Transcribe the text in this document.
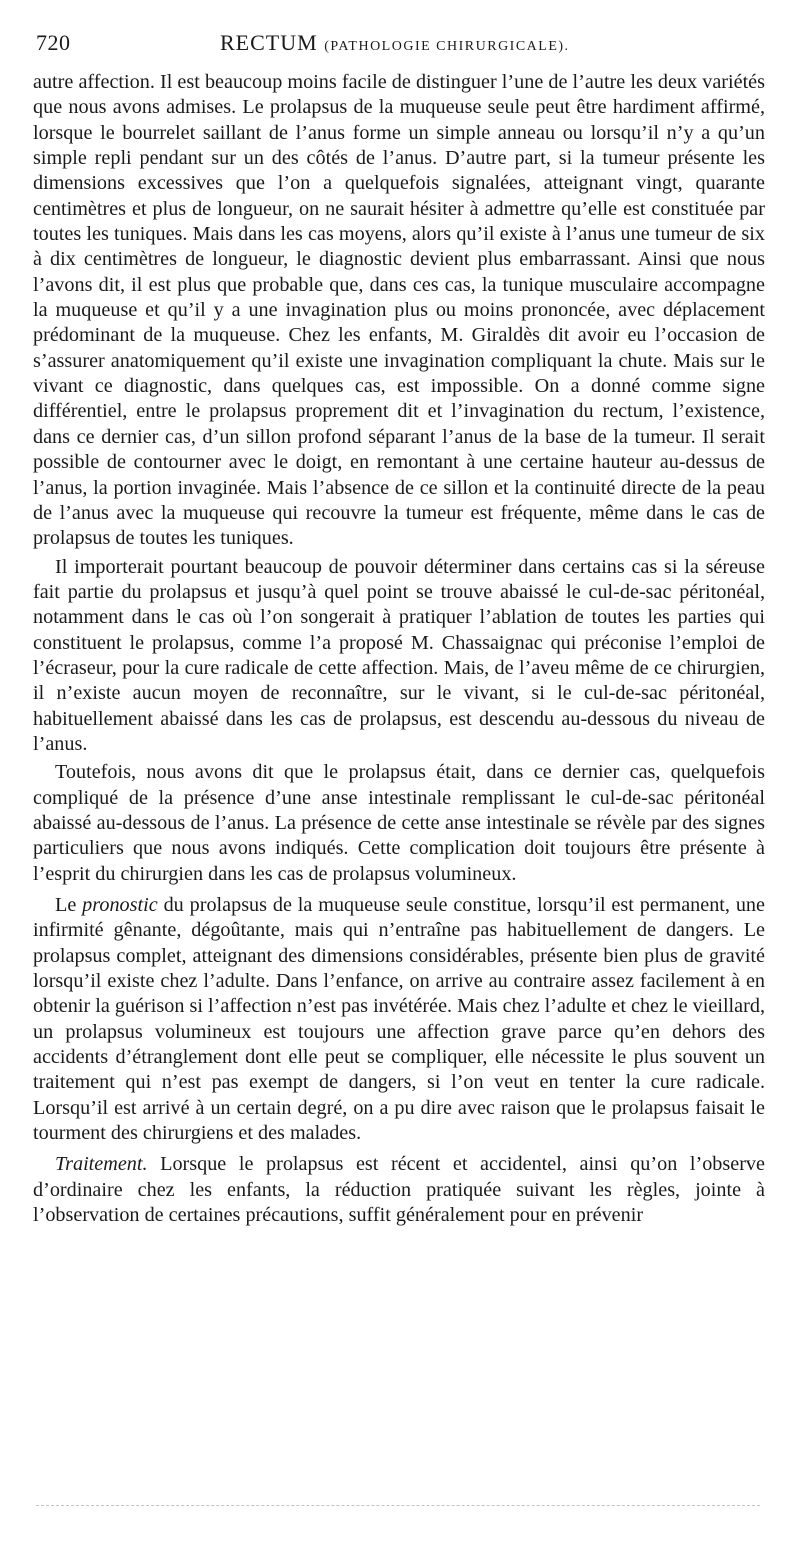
720	RECTUM (PATHOLOGIE CHIRURGICALE).

autre affection. Il est beaucoup moins facile de distinguer l’une de l’autre les deux variétés que nous avons admises. Le prolapsus de la muqueuse seule peut être hardiment affirmé, lorsque le bourrelet saillant de l’anus forme un simple anneau ou lorsqu’il n’y a qu’un simple repli pendant sur un des côtés de l’anus. D’autre part, si la tumeur présente les dimensions excessives que l’on a quelquefois signalées, atteignant vingt, quarante centimètres et plus de longueur, on ne saurait hésiter à admettre qu’elle est constituée par toutes les tuniques. Mais dans les cas moyens, alors qu’il existe à l’anus une tumeur de six à dix centimètres de longueur, le diagnostic devient plus embarrassant. Ainsi que nous l’avons dit, il est plus que probable que, dans ces cas, la tunique musculaire accompagne la muqueuse et qu’il y a une invagination plus ou moins prononcée, avec déplacement prédominant de la muqueuse. Chez les enfants, M. Giraldès dit avoir eu l’occasion de s’assurer anatomiquement qu’il existe une invagination compliquant la chute. Mais sur le vivant ce diagnostic, dans quelques cas, est impossible. On a donné comme signe différentiel, entre le prolapsus proprement dit et l’invagination du rectum, l’existence, dans ce dernier cas, d’un sillon profond séparant l’anus de la base de la tumeur. Il serait possible de contourner avec le doigt, en remontant à une certaine hauteur au-dessus de l’anus, la portion invaginée. Mais l’absence de ce sillon et la continuité directe de la peau de l’anus avec la muqueuse qui recouvre la tumeur est fréquente, même dans le cas de prolapsus de toutes les tuniques.

Il importerait pourtant beaucoup de pouvoir déterminer dans certains cas si la séreuse fait partie du prolapsus et jusqu’à quel point se trouve abaissé le cul-de-sac péritonéal, notamment dans le cas où l’on songerait à pratiquer l’ablation de toutes les parties qui constituent le prolapsus, comme l’a proposé M. Chassaignac qui préconise l’emploi de l’écraseur, pour la cure radicale de cette affection. Mais, de l’aveu même de ce chirurgien, il n’existe aucun moyen de reconnaître, sur le vivant, si le cul-de-sac péritonéal, habituellement abaissé dans les cas de prolapsus, est descendu au-dessous du niveau de l’anus.

Toutefois, nous avons dit que le prolapsus était, dans ce dernier cas, quelquefois compliqué de la présence d’une anse intestinale remplissant le cul-de-sac péritonéal abaissé au-dessous de l’anus. La présence de cette anse intestinale se révèle par des signes particuliers que nous avons indiqués. Cette complication doit toujours être présente à l’esprit du chirurgien dans les cas de prolapsus volumineux.

Le pronostic du prolapsus de la muqueuse seule constitue, lorsqu’il est permanent, une infirmité gênante, dégoûtante, mais qui n’entraîne pas habituellement de dangers. Le prolapsus complet, atteignant des dimensions considérables, présente bien plus de gravité lorsqu’il existe chez l’adulte. Dans l’enfance, on arrive au contraire assez facilement à en obtenir la guérison si l’affection n’est pas invétérée. Mais chez l’adulte et chez le vieillard, un prolapsus volumineux est toujours une affection grave parce qu’en dehors des accidents d’étranglement dont elle peut se compliquer, elle nécessite le plus souvent un traitement qui n’est pas exempt de dangers, si l’on veut en tenter la cure radicale. Lorsqu’il est arrivé à un certain degré, on a pu dire avec raison que le prolapsus faisait le tourment des chirurgiens et des malades.

Traitement. Lorsque le prolapsus est récent et accidentel, ainsi qu’on l’observe d’ordinaire chez les enfants, la réduction pratiquée suivant les règles, jointe à l’observation de certaines précautions, suffit généralement pour en prévenir
